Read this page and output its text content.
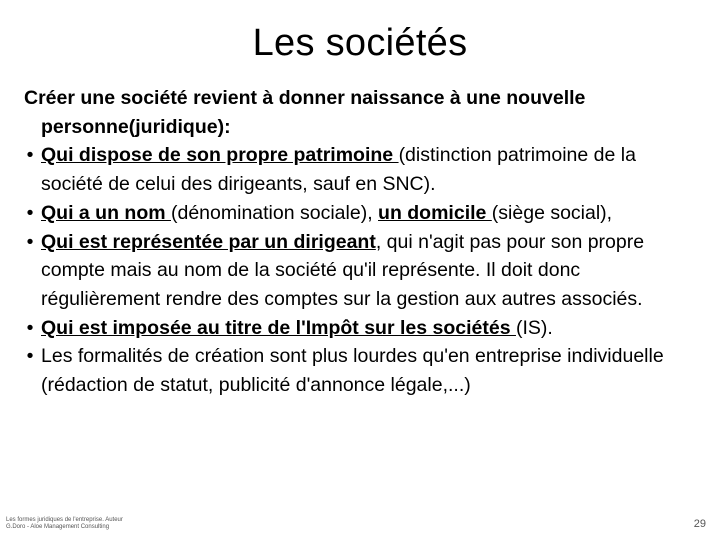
Les sociétés

Créer une société revient à donner naissance à une nouvelle personne(juridique):

• Qui dispose de son propre patrimoine (distinction patrimoine de la société de celui des dirigeants, sauf en SNC).
• Qui a un nom (dénomination sociale), un domicile (siège social),
• Qui est représentée par un dirigeant, qui n'agit pas pour son propre compte mais au nom de la société qu'il représente. Il doit donc régulièrement rendre des comptes sur la gestion aux autres associés.
• Qui est imposée au titre de l'Impôt sur les sociétés (IS).
• Les formalités de création sont plus lourdes qu'en entreprise individuelle (rédaction de statut, publicité d'annonce légale,...)
Les formes juridiques de l'entreprise. Auteur
G.Doro - Aloe Management Consulting	29
